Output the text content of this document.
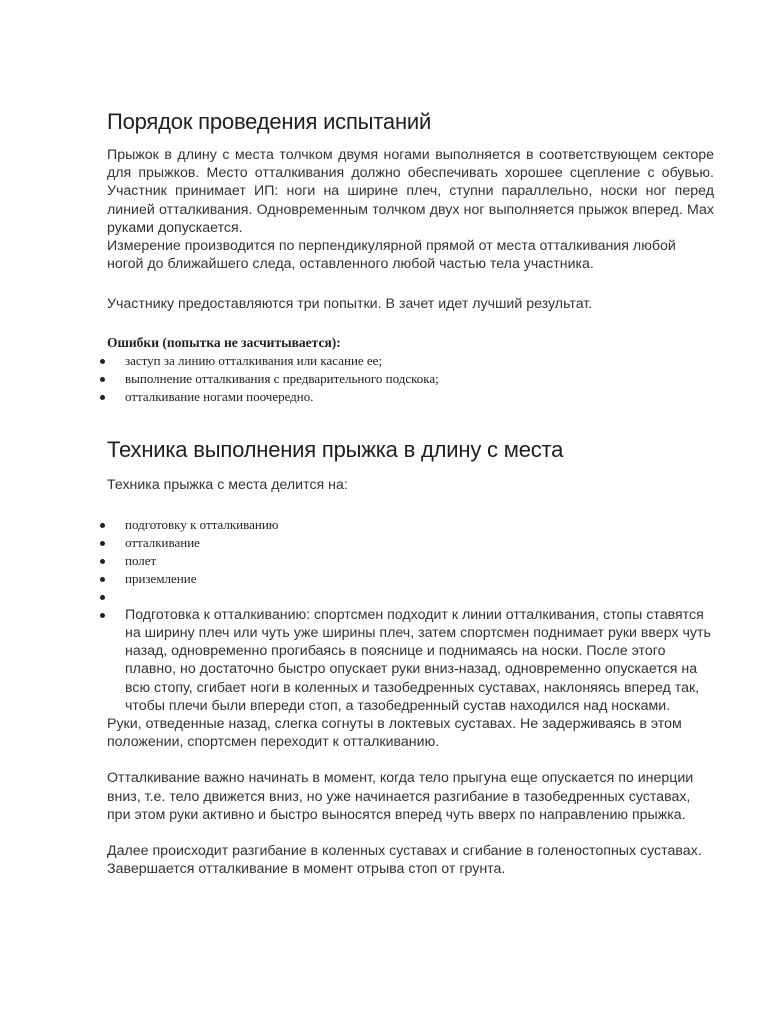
Порядок проведения испытаний

Прыжок в длину с места толчком двумя ногами выполняется в соответствующем секторе для прыжков. Место отталкивания должно обеспечивать хорошее сцепление с обувью. Участник принимает ИП: ноги на ширине плеч, ступни параллельно, носки ног перед линией отталкивания. Одновременным толчком двух ног выполняется прыжок вперед. Мах руками допускается.

Измерение производится по перпендикулярной прямой от места отталкивания любой ногой до ближайшего следа, оставленного любой частью тела участника.

Участнику предоставляются три попытки. В зачет идет лучший результат.

Ошибки (попытка не засчитывается):

заступ за линию отталкивания или касание ее;
выполнение отталкивания с предварительного подскока;
отталкивание ногами поочередно.
Техника выполнения прыжка в длину с места

Техника прыжка с места делится на:

подготовку к отталкиванию
отталкивание
полет
приземление
Подготовка к отталкиванию: спортсмен подходит к линии отталкивания, стопы ставятся на ширину плеч или чуть уже ширины плеч, затем спортсмен поднимает руки вверх чуть назад, одновременно прогибаясь в пояснице и поднимаясь на носки. После этого плавно, но достаточно быстро опускает руки вниз-назад, одновременно опускается на всю стопу, сгибает ноги в коленных и тазобедренных суставах, наклоняясь вперед так, чтобы плечи были впереди стоп, а тазобедренный сустав находился над носками.

Руки, отведенные назад, слегка согнуты в локтевых суставах. Не задерживаясь в этом положении, спортсмен переходит к отталкиванию.

Отталкивание важно начинать в момент, когда тело прыгуна еще опускается по инерции вниз, т.е. тело движется вниз, но уже начинается разгибание в тазобедренных суставах, при этом руки активно и быстро выносятся вперед чуть вверх по направлению прыжка.

Далее происходит разгибание в коленных суставах и сгибание в голеностопных суставах. Завершается отталкивание в момент отрыва стоп от грунта.
